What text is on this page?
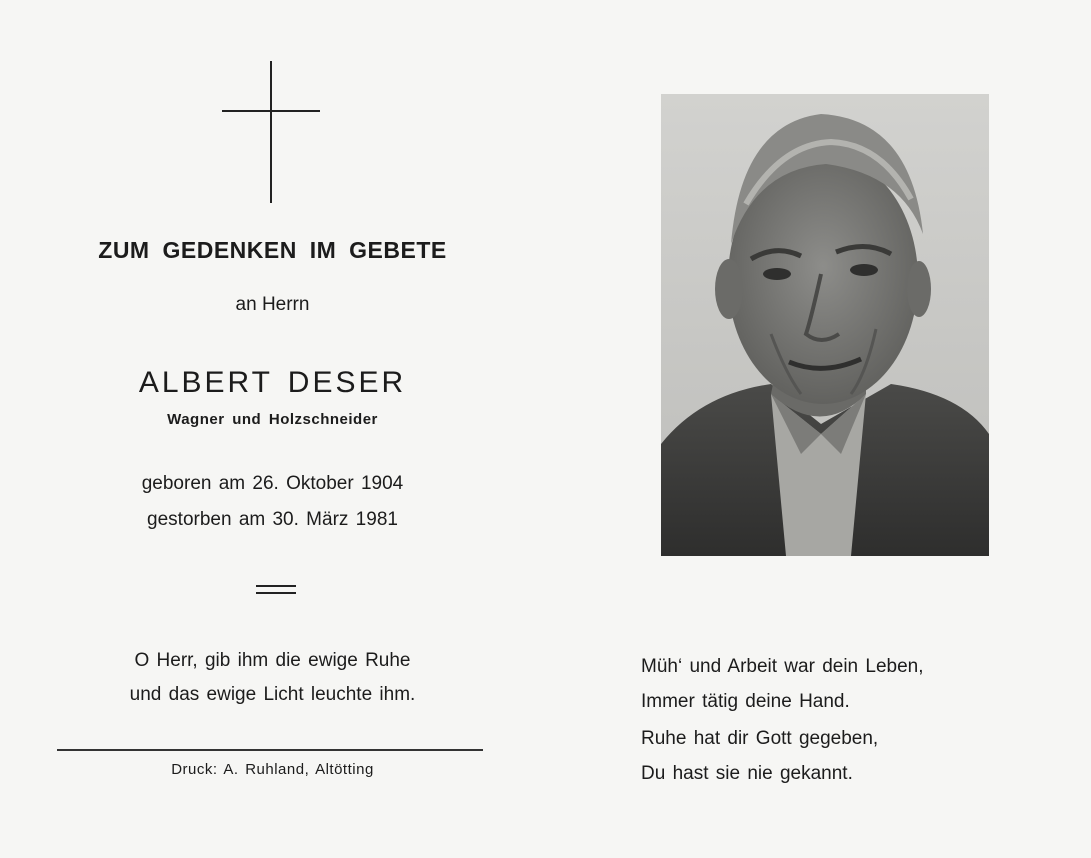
ZUM GEDENKEN IM GEBETE
an Herrn
ALBERT DESER
Wagner und Holzschneider
geboren am 26. Oktober 1904
gestorben am 30. März 1981
O Herr, gib ihm die ewige Ruhe
und das ewige Licht leuchte ihm.
Druck: A. Ruhland, Altötting
Müh‘ und Arbeit war dein Leben,
Immer tätig deine Hand.
Ruhe hat dir Gott gegeben,
Du hast sie nie gekannt.
